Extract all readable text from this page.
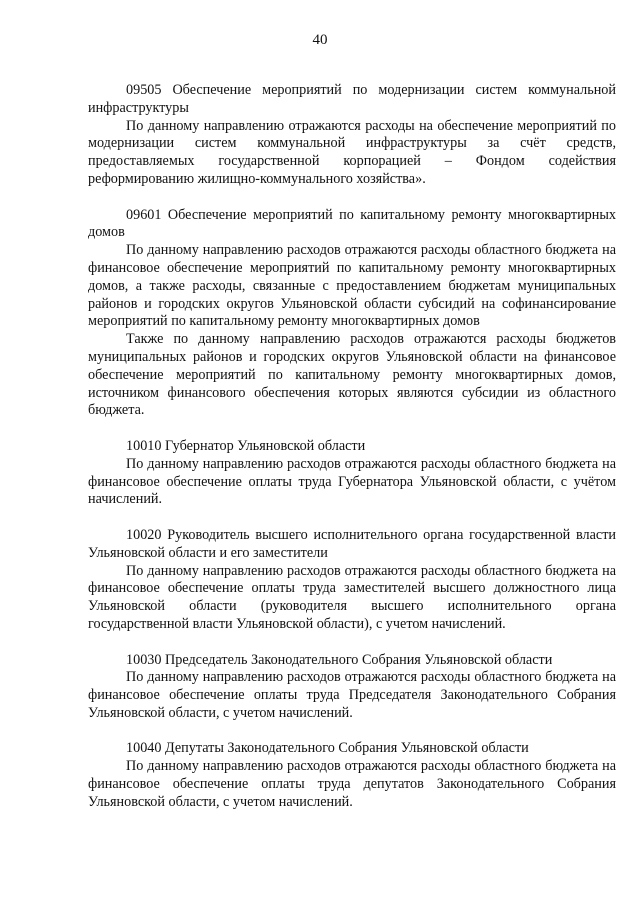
40

09505 Обеспечение мероприятий по модернизации систем коммунальной инфраструктуры

По данному направлению отражаются расходы на обеспечение мероприятий по модернизации систем коммунальной инфраструктуры за счёт средств, предоставляемых государственной корпорацией – Фондом содействия реформированию жилищно-коммунального хозяйства».

09601 Обеспечение мероприятий по капитальному ремонту многоквартирных домов

По данному направлению расходов отражаются расходы областного бюджета на финансовое обеспечение мероприятий по капитальному ремонту многоквартирных домов, а также расходы, связанные с предоставлением бюджетам муниципальных районов и городских округов Ульяновской области субсидий на софинансирование мероприятий по капитальному ремонту многоквартирных домов

Также по данному направлению расходов отражаются расходы бюджетов муниципальных районов и городских округов Ульяновской области на финансовое обеспечение мероприятий по капитальному ремонту многоквартирных домов, источником финансового обеспечения которых являются субсидии из областного бюджета.

10010 Губернатор Ульяновской области

По данному направлению расходов отражаются расходы областного бюджета на финансовое обеспечение оплаты труда Губернатора Ульяновской области, с учётом начислений.

10020 Руководитель высшего исполнительного органа государственной власти Ульяновской области и его заместители

По данному направлению расходов отражаются расходы областного бюджета на финансовое обеспечение оплаты труда заместителей высшего должностного лица Ульяновской области (руководителя высшего исполнительного органа государственной власти Ульяновской области), с учетом начислений.

10030 Председатель Законодательного Собрания Ульяновской области

По данному направлению расходов отражаются расходы областного бюджета на финансовое обеспечение оплаты труда Председателя Законодательного Собрания Ульяновской области, с учетом начислений.

10040 Депутаты Законодательного Собрания Ульяновской области

По данному направлению расходов отражаются расходы областного бюджета на финансовое обеспечение оплаты труда депутатов Законодательного Собрания Ульяновской области, с учетом начислений.
